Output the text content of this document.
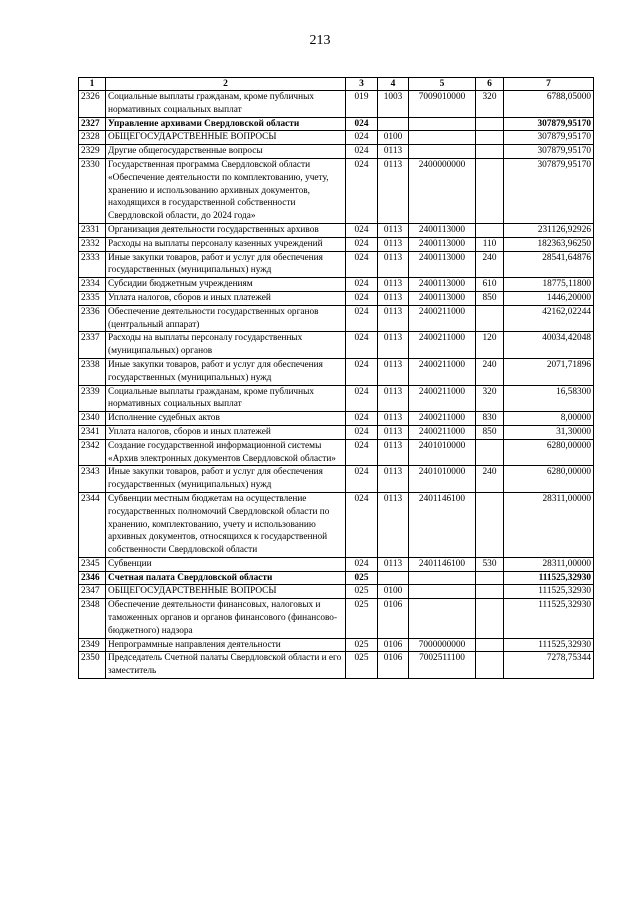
213
1	2	3	4	5	6	7
2326	Социальные выплаты гражданам, кроме публичных нормативных социальных выплат	019	1003	7009010000	320	6788,05000
2327	Управление архивами Свердловской области	024				307879,95170
2328	ОБЩЕГОСУДАРСТВЕННЫЕ ВОПРОСЫ	024	0100			307879,95170
2329	Другие общегосударственные вопросы	024	0113			307879,95170
2330	Государственная программа Свердловской области «Обеспечение деятельности по комплектованию, учету, хранению и использованию архивных документов, находящихся в государственной собственности Свердловской области, до 2024 года»	024	0113	2400000000		307879,95170
2331	Организация деятельности государственных архивов	024	0113	2400113000		231126,92926
2332	Расходы на выплаты персоналу казенных учреждений	024	0113	2400113000	110	182363,96250
2333	Иные закупки товаров, работ и услуг для обеспечения государственных (муниципальных) нужд	024	0113	2400113000	240	28541,64876
2334	Субсидии бюджетным учреждениям	024	0113	2400113000	610	18775,11800
2335	Уплата налогов, сборов и иных платежей	024	0113	2400113000	850	1446,20000
2336	Обеспечение деятельности государственных органов (центральный аппарат)	024	0113	2400211000		42162,02244
2337	Расходы на выплаты персоналу государственных (муниципальных) органов	024	0113	2400211000	120	40034,42048
2338	Иные закупки товаров, работ и услуг для обеспечения государственных (муниципальных) нужд	024	0113	2400211000	240	2071,71896
2339	Социальные выплаты гражданам, кроме публичных нормативных социальных выплат	024	0113	2400211000	320	16,58300
2340	Исполнение судебных актов	024	0113	2400211000	830	8,00000
2341	Уплата налогов, сборов и иных платежей	024	0113	2400211000	850	31,30000
2342	Создание государственной информационной системы «Архив электронных документов Свердловской области»	024	0113	2401010000		6280,00000
2343	Иные закупки товаров, работ и услуг для обеспечения государственных (муниципальных) нужд	024	0113	2401010000	240	6280,00000
2344	Субвенции местным бюджетам на осуществление государственных полномочий Свердловской области по хранению, комплектованию, учету и использованию архивных документов, относящихся к государственной собственности Свердловской области	024	0113	2401146100		28311,00000
2345	Субвенции	024	0113	2401146100	530	28311,00000
2346	Счетная палата Свердловской области	025				111525,32930
2347	ОБЩЕГОСУДАРСТВЕННЫЕ ВОПРОСЫ	025	0100			111525,32930
2348	Обеспечение деятельности финансовых, налоговых и таможенных органов и органов финансового (финансово-бюджетного) надзора	025	0106			111525,32930
2349	Непрограммные направления деятельности	025	0106	7000000000		111525,32930
2350	Председатель Счетной палаты Свердловской области и его заместитель	025	0106	7002511100		7278,75344
